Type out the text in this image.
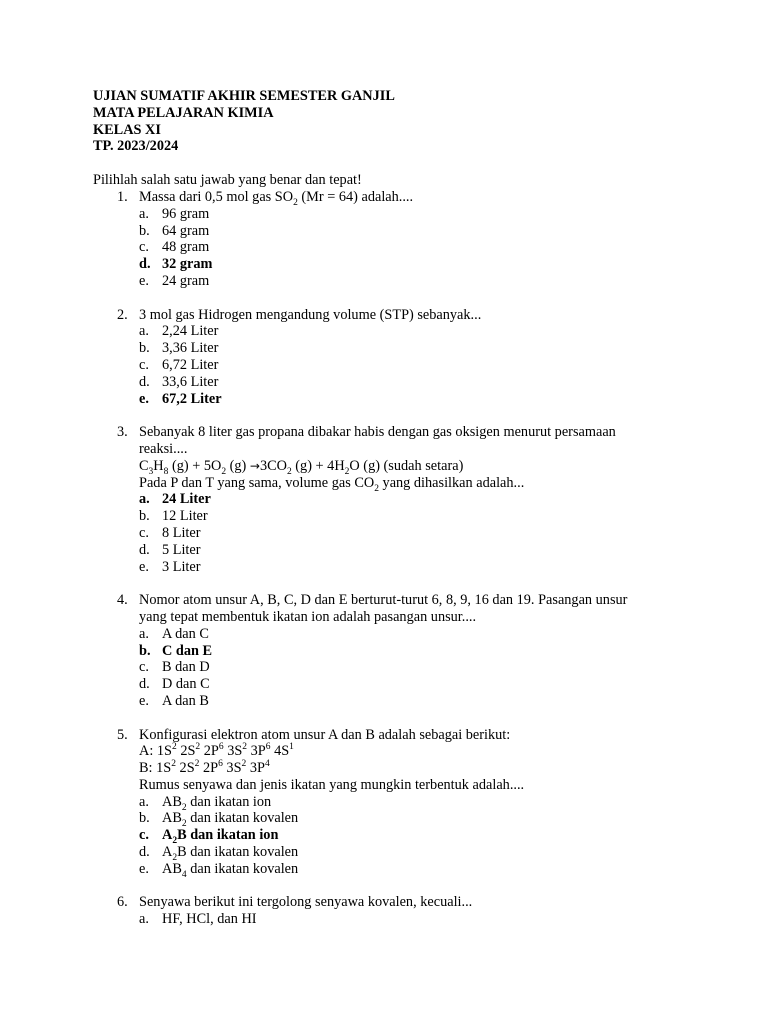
UJIAN SUMATIF AKHIR SEMESTER GANJIL
MATA PELAJARAN KIMIA
KELAS XI
TP. 2023/2024
Pilihlah salah satu jawab yang benar dan tepat!
1. Massa dari 0,5 mol gas $SO_2$ (Mr = 64) adalah....
a. 96 gram
b. 64 gram
c. 48 gram
d. 32 gram
e. 24 gram
2. 3 mol gas Hidrogen mengandung volume (STP) sebanyak...
a. 2,24 Liter
b. 3,36 Liter
c. 6,72 Liter
d. 33,6 Liter
e. 67,2 Liter
3. Sebanyak 8 liter gas propana dibakar habis dengan gas oksigen menurut persamaan
reaksi....
$C_3H_8$ $(g) + 5O_2$ $(g) \to 3CO_2$ $(g) + 4H_2O$ (g) (sudah setara)
Pada P dan T yang sama, volume gas $CO_2$ yang dihasilkan adalah...
a. 24 Liter
b. 12 Liter
c. 8 Liter
d. 5 Liter
e. 3 Liter
4. Nomor atom unsur A, B, C, D dan E berturut-turut 6, 8, 9, 16 dan 19. Pasangan unsur
yang tepat membentuk ikatan ion adalah pasangan unsur....
a. A dan C
b. C dan E
c. B dan D
d. D dan C
e. A dan B
5. Konfigurasi elektron atom unsur A dan B adalah sebagai berikut:
A: $1S^2$ $2S^2$ $2P^6$ $3S^2$ $3P^6$ $4S^1$
B: $1S^2$ $2S^2$ $2P^6$ $3S^2$ $3P^4$
Rumus senyawa dan jenis ikatan yang mungkin terbentuk adalah....
a. $AB_2$ dan ikatan ion
b. $AB_2$ dan ikatan kovalen
c. $A_2B$ dan ikatan ion
d. $A_2B$ dan ikatan kovalen
e. $AB_4$ dan ikatan kovalen
6. Senyawa berikut ini tergolong senyawa kovalen, kecuali...
a. HF, HCl, dan HI
